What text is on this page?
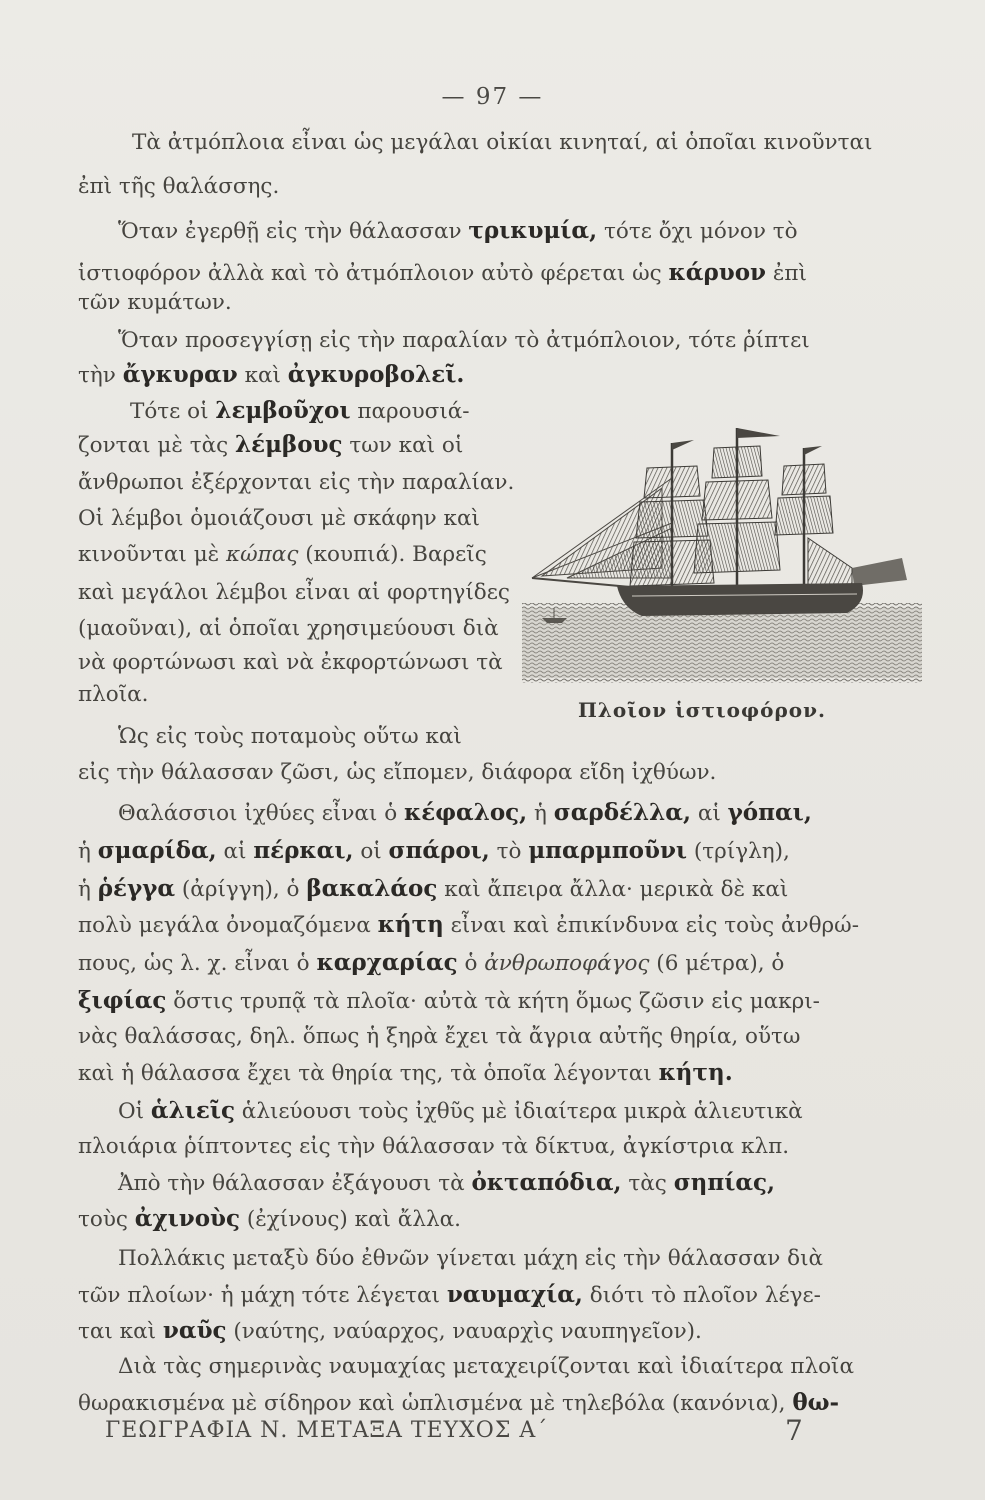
— 97 —
Τὰ ἀτμόπλοια εἶναι ὡς μεγάλαι οἰκίαι κινηταί, αἱ ὁποῖαι κινοῦνται
ἐπὶ τῆς θαλάσσης.
Ὅταν ἐγερθῇ εἰς τὴν θάλασσαν τρικυμία, τότε ὄχι μόνον τὸ
ἱστιοφόρον ἀλλὰ καὶ τὸ ἀτμόπλοιον αὐτὸ φέρεται ὡς κάρυον ἐπὶ
τῶν κυμάτων.
Ὅταν προσεγγίσῃ εἰς τὴν παραλίαν τὸ ἀτμόπλοιον, τότε ῥίπτει
τὴν ἄγκυραν καὶ ἀγκυροβολεῖ.
Τότε οἱ λεμβοῦχοι παρουσιά-
ζονται μὲ τὰς λέμβους των καὶ οἱ
ἄνθρωποι ἐξέρχονται εἰς τὴν παραλίαν.
Οἱ λέμβοι ὁμοιάζουσι μὲ σκάφην καὶ
κινοῦνται μὲ κώπας (κουπιά). Βαρεῖς
καὶ μεγάλοι λέμβοι εἶναι αἱ φορτηγίδες
(μαοῦναι), αἱ ὁποῖαι χρησιμεύουσι διὰ
νὰ φορτώνωσι καὶ νὰ ἐκφορτώνωσι τὰ
πλοῖα.
Ὡς εἰς τοὺς ποταμοὺς οὕτω καὶ
εἰς τὴν θάλασσαν ζῶσι, ὡς εἴπομεν, διάφορα εἴδη ἰχθύων.
Θαλάσσιοι ἰχθύες εἶναι ὁ κέφαλος, ἡ σαρδέλλα, αἱ γόπαι,
ἡ σμαρίδα, αἱ πέρκαι, οἱ σπάροι, τὸ μπαρμποῦνι (τρίγλη),
ἡ ῥέγγα (ἀρίγγη), ὁ βακαλάος καὶ ἄπειρα ἄλλα· μερικὰ δὲ καὶ
πολὺ μεγάλα ὀνομαζόμενα κήτη εἶναι καὶ ἐπικίνδυνα εἰς τοὺς ἀνθρώ-
πους, ὡς λ. χ. εἶναι ὁ καρχαρίας ὁ ἀνθρωποφάγος (6 μέτρα), ὁ
ξιφίας ὅστις τρυπᾷ τὰ πλοῖα· αὐτὰ τὰ κήτη ὅμως ζῶσιν εἰς μακρι-
νὰς θαλάσσας, δηλ. ὅπως ἡ ξηρὰ ἔχει τὰ ἄγρια αὐτῆς θηρία, οὕτω
καὶ ἡ θάλασσα ἔχει τὰ θηρία της, τὰ ὁποῖα λέγονται κήτη.
Οἱ ἁλιεῖς ἁλιεύουσι τοὺς ἰχθῦς μὲ ἰδιαίτερα μικρὰ ἁλιευτικὰ
πλοιάρια ῥίπτοντες εἰς τὴν θάλασσαν τὰ δίκτυα, ἀγκίστρια κλπ.
Ἀπὸ τὴν θάλασσαν ἐξάγουσι τὰ ὀκταπόδια, τὰς σηπίας,
τοὺς ἀχινοὺς (ἐχίνους) καὶ ἄλλα.
Πολλάκις μεταξὺ δύο ἐθνῶν γίνεται μάχη εἰς τὴν θάλασσαν διὰ
τῶν πλοίων· ἡ μάχη τότε λέγεται ναυμαχία, διότι τὸ πλοῖον λέγε-
ται καὶ ναῦς (ναύτης, ναύαρχος, ναυαρχὶς ναυπηγεῖον).
Διὰ τὰς σημερινὰς ναυμαχίας μεταχειρίζονται καὶ ἰδιαίτερα πλοῖα
θωρακισμένα μὲ σίδηρον καὶ ὡπλισμένα μὲ τηλεβόλα (κανόνια), θω-
Πλοῖον ἱστιοφόρον.
ΓΕΩΓΡΑΦΙΑ Ν. ΜΕΤΑΞΑ ΤΕΥΧΟΣ Α΄	7
